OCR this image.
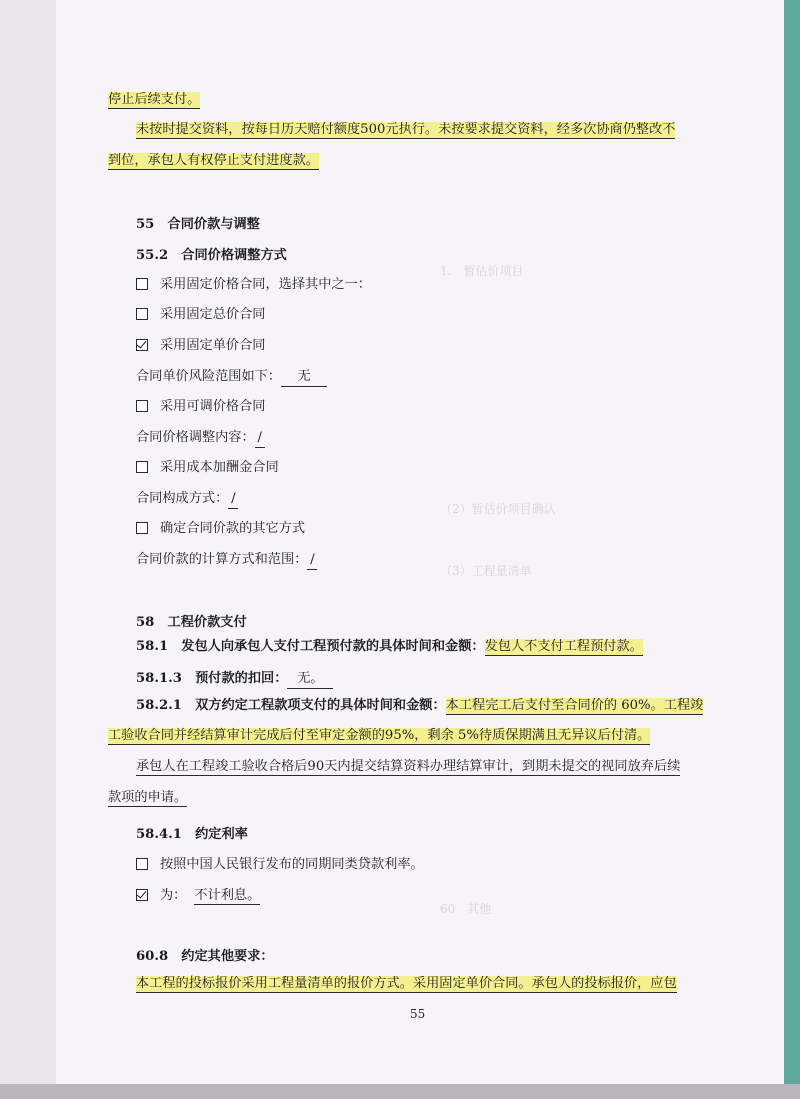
1.　暂估价项目
（2）暂估价项目确认
（3）工程量清单
60　其他
停止后续支付。
未按时提交资料，按每日历天赔付额度500元执行。未按要求提交资料，经多次协商仍整改不
到位，承包人有权停止支付进度款。
55　合同价款与调整
55.2　合同价格调整方式
采用固定价格合同，选择其中之一：
采用固定总价合同
采用固定单价合同
合同单价风险范围如下： 无
采用可调价格合同
合同价格调整内容： /
采用成本加酬金合同
合同构成方式： /
确定合同价款的其它方式
合同价款的计算方式和范围： /
58　工程价款支付
58.1　发包人向承包人支付工程预付款的具体时间和金额：发包人不支付工程预付款。
58.1.3　预付款的扣回： 无。
58.2.1　双方约定工程款项支付的具体时间和金额：本工程完工后支付至合同价的 60%。工程竣
工验收合同并经结算审计完成后付至审定金额的95%，剩余 5%待质保期满且无异议后付清。
承包人在工程竣工验收合格后90天内提交结算资料办理结算审计，到期未提交的视同放弃后续
款项的申请。
58.4.1　约定利率
按照中国人民银行发布的同期同类贷款利率。
为： 不计利息。
60.8　约定其他要求：
本工程的投标报价采用工程量清单的报价方式。采用固定单价合同。承包人的投标报价，应包
55
